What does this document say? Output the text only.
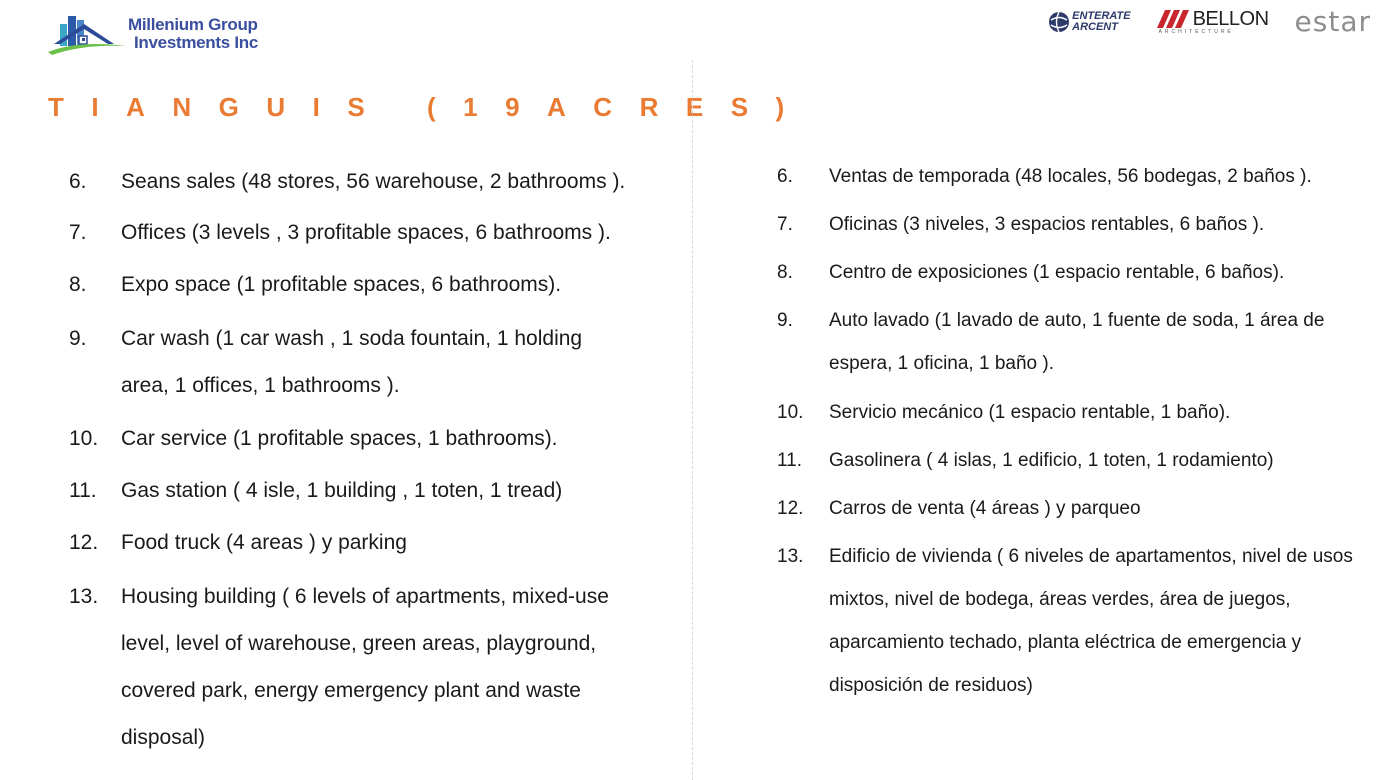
Millenium Group
Investments Inc
ENTERATE
ARCENT	BELLON
ARCHITECTURE estar
TIANGUIS (19ACRES)
6.	Seans sales (48 stores, 56 warehouse, 2 bathrooms ).
7.	Offices (3 levels , 3 profitable spaces, 6 bathrooms ).
8.	Expo space (1 profitable spaces, 6 bathrooms).
9.	Car wash (1 car wash , 1 soda fountain, 1 holding area, 1 offices, 1 bathrooms ).
10.	Car service (1 profitable spaces, 1 bathrooms).
11.	Gas station ( 4 isle, 1 building , 1 toten, 1 tread)
12.	Food truck (4 areas ) y parking
13.	Housing building ( 6 levels of apartments, mixed-use level, level of warehouse, green areas, playground, covered park, energy emergency plant and waste disposal)
6.	Ventas de temporada (48 locales, 56 bodegas, 2 baños ).
7.	Oficinas (3 niveles, 3 espacios rentables, 6 baños ).
8.	Centro de exposiciones (1 espacio rentable, 6 baños).
9.	Auto lavado (1 lavado de auto, 1 fuente de soda, 1 área de espera, 1 oficina, 1 baño ).
10.	Servicio mecánico (1 espacio rentable, 1 baño).
11.	Gasolinera ( 4 islas, 1 edificio, 1 toten, 1 rodamiento)
12.	Carros de venta (4 áreas ) y parqueo
13.	Edificio de vivienda ( 6 niveles de apartamentos, nivel de usos mixtos, nivel de bodega, áreas verdes, área de juegos, aparcamiento techado, planta eléctrica de emergencia y disposición de residuos)
